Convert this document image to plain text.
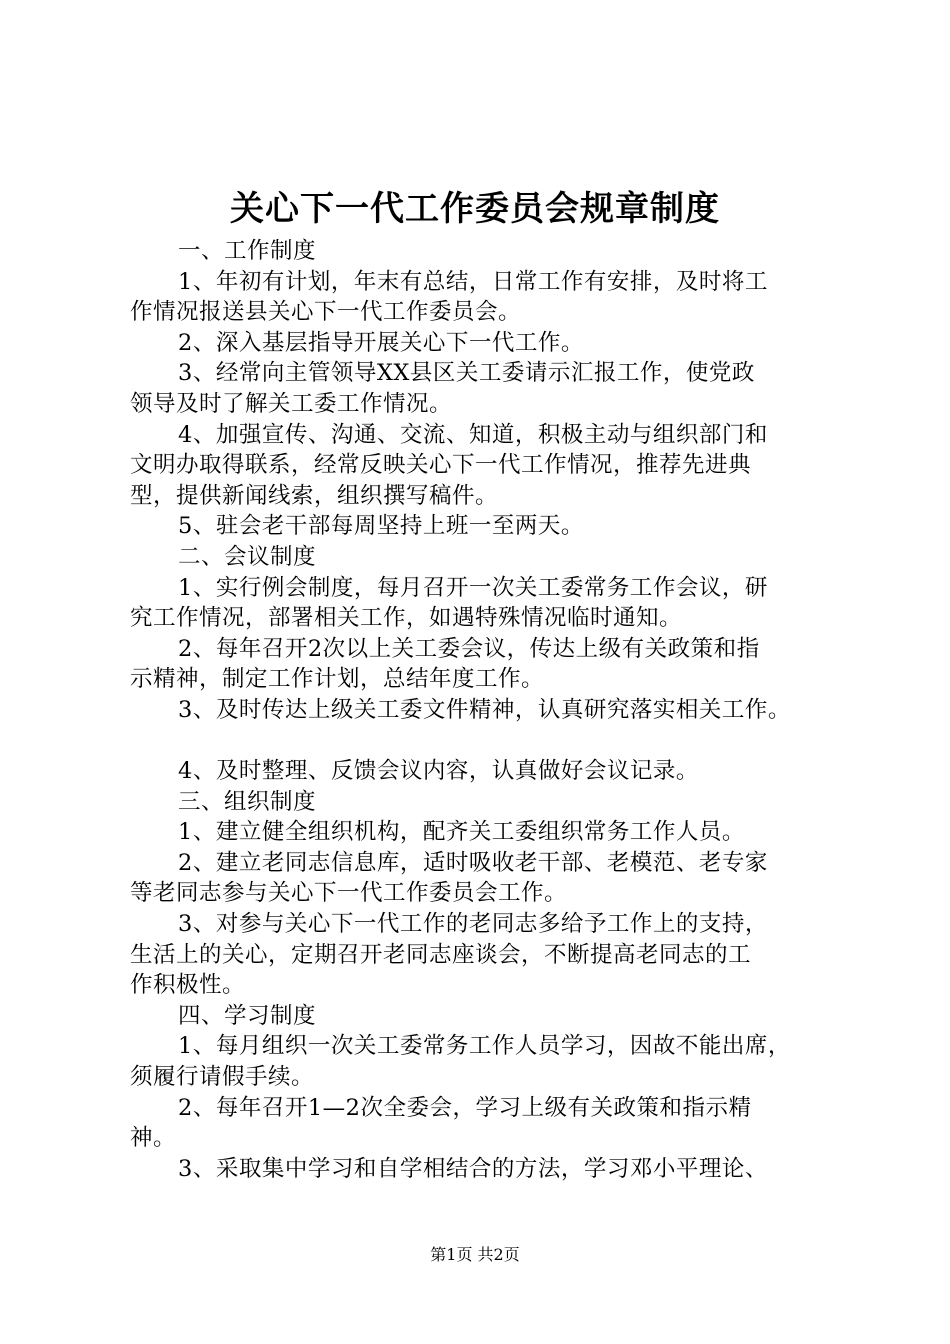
关心下一代工作委员会规章制度
一、工作制度
1、年初有计划，年末有总结，日常工作有安排，及时将工
作情况报送县关心下一代工作委员会。
2、深入基层指导开展关心下一代工作。
3、经常向主管领导XX县区关工委请示汇报工作，使党政
领导及时了解关工委工作情况。
4、加强宣传、沟通、交流、知道，积极主动与组织部门和
文明办取得联系，经常反映关心下一代工作情况，推荐先进典
型，提供新闻线索，组织撰写稿件。
5、驻会老干部每周坚持上班一至两天。
二、会议制度
1、实行例会制度，每月召开一次关工委常务工作会议，研
究工作情况，部署相关工作，如遇特殊情况临时通知。
2、每年召开2次以上关工委会议，传达上级有关政策和指
示精神，制定工作计划，总结年度工作。
3、及时传达上级关工委文件精神，认真研究落实相关工作。
4、及时整理、反馈会议内容，认真做好会议记录。
三、组织制度
1、建立健全组织机构，配齐关工委组织常务工作人员。
2、建立老同志信息库，适时吸收老干部、老模范、老专家
等老同志参与关心下一代工作委员会工作。
3、对参与关心下一代工作的老同志多给予工作上的支持，
生活上的关心，定期召开老同志座谈会，不断提高老同志的工
作积极性。
四、学习制度
1、每月组织一次关工委常务工作人员学习，因故不能出席，
须履行请假手续。
2、每年召开1—2次全委会，学习上级有关政策和指示精
神。
3、采取集中学习和自学相结合的方法，学习邓小平理论、
第1页 共2页
